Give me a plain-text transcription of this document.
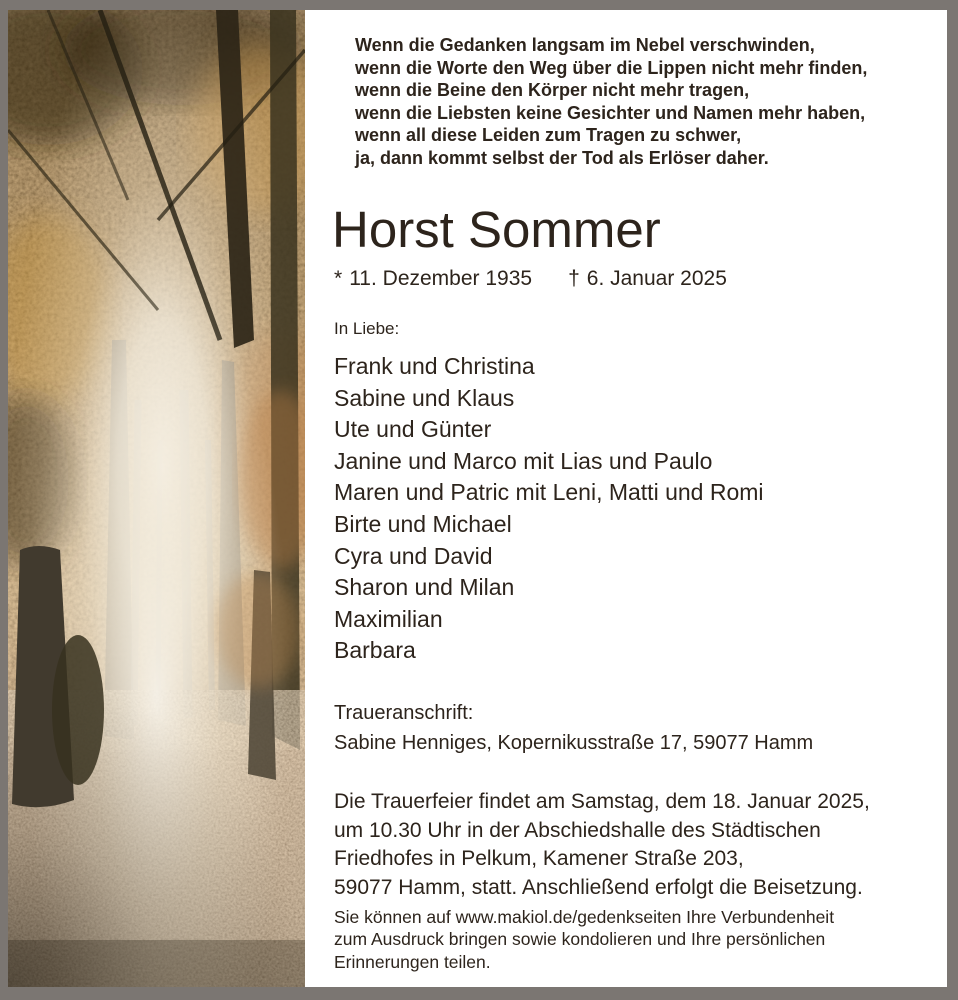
Wenn die Gedanken langsam im Nebel verschwinden,
wenn die Worte den Weg über die Lippen nicht mehr finden,
wenn die Beine den Körper nicht mehr tragen,
wenn die Liebsten keine Gesichter und Namen mehr haben,
wenn all diese Leiden zum Tragen zu schwer,
ja, dann kommt selbst der Tod als Erlöser daher.
Horst Sommer
* 11. Dezember 1935 † 6. Januar 2025
In Liebe:
Frank und Christina
Sabine und Klaus
Ute und Günter
Janine und Marco mit Lias und Paulo
Maren und Patric mit Leni, Matti und Romi
Birte und Michael
Cyra und David
Sharon und Milan
Maximilian
Barbara
Traueranschrift:
Sabine Henniges, Kopernikusstraße 17, 59077 Hamm
Die Trauerfeier findet am Samstag, dem 18. Januar 2025,
um 10.30 Uhr in der Abschiedshalle des Städtischen
Friedhofes in Pelkum, Kamener Straße 203,
59077 Hamm, statt. Anschließend erfolgt die Beisetzung.
Sie können auf www.makiol.de/gedenkseiten Ihre Verbundenheit
zum Ausdruck bringen sowie kondolieren und Ihre persönlichen
Erinnerungen teilen.
